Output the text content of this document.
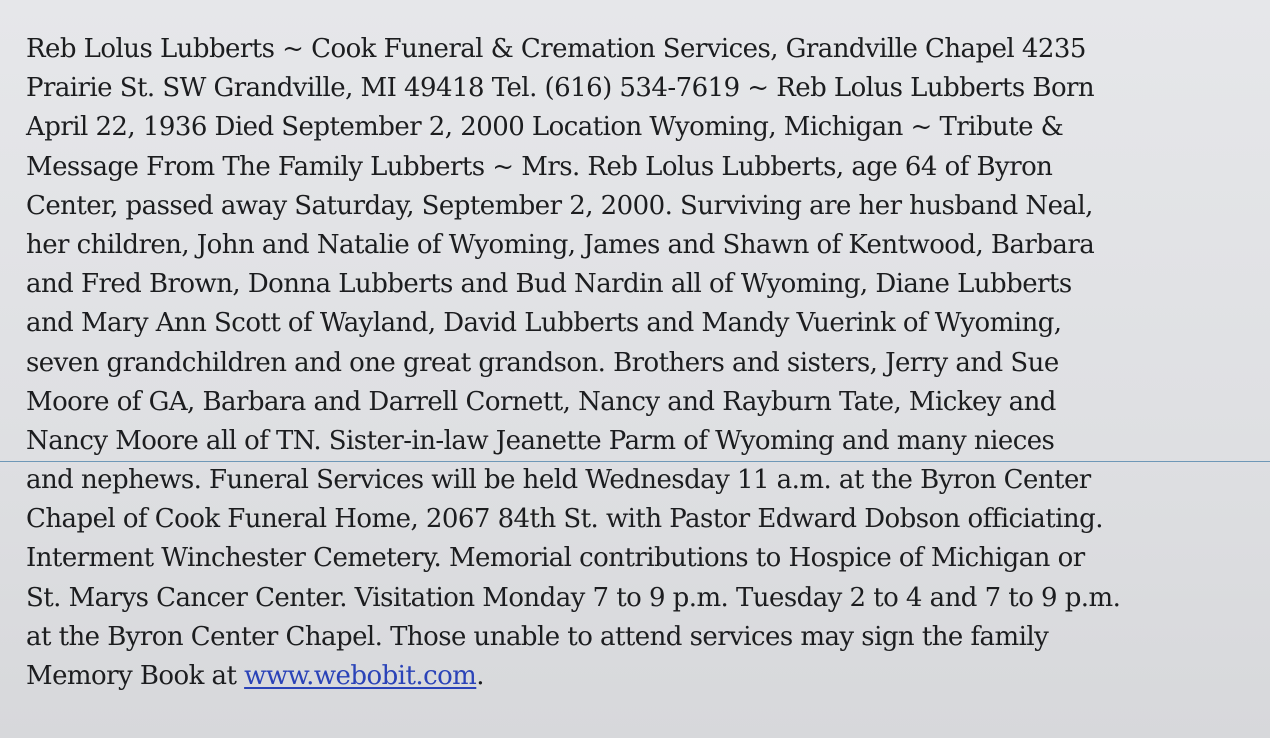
Reb Lolus Lubberts ~ Cook Funeral & Cremation Services, Grandville Chapel 4235
Prairie St. SW Grandville, MI 49418 Tel. (616) 534-7619 ~ Reb Lolus Lubberts Born
April 22, 1936 Died September 2, 2000 Location Wyoming, Michigan ~ Tribute &
Message From The Family Lubberts ~ Mrs. Reb Lolus Lubberts, age 64 of Byron
Center, passed away Saturday, September 2, 2000. Surviving are her husband Neal,
her children, John and Natalie of Wyoming, James and Shawn of Kentwood, Barbara
and Fred Brown, Donna Lubberts and Bud Nardin all of Wyoming, Diane Lubberts
and Mary Ann Scott of Wayland, David Lubberts and Mandy Vuerink of Wyoming,
seven grandchildren and one great grandson. Brothers and sisters, Jerry and Sue
Moore of GA, Barbara and Darrell Cornett, Nancy and Rayburn Tate, Mickey and
Nancy Moore all of TN. Sister-in-law Jeanette Parm of Wyoming and many nieces
and nephews. Funeral Services will be held Wednesday 11 a.m. at the Byron Center
Chapel of Cook Funeral Home, 2067 84th St. with Pastor Edward Dobson officiating.
Interment Winchester Cemetery. Memorial contributions to Hospice of Michigan or
St. Marys Cancer Center. Visitation Monday 7 to 9 p.m. Tuesday 2 to 4 and 7 to 9 p.m.
at the Byron Center Chapel. Those unable to attend services may sign the family
Memory Book at www.webobit.com.
